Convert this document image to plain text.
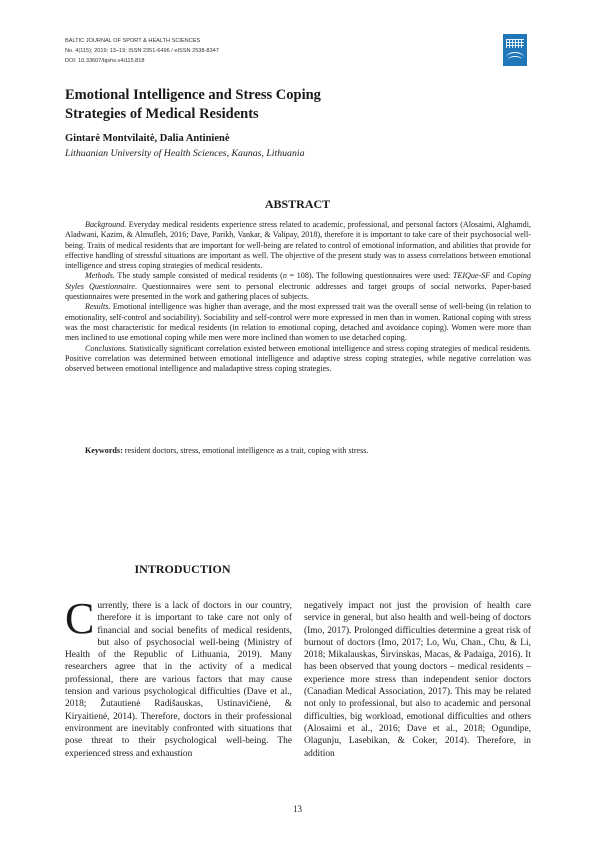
BALTIC JOURNAL OF SPORT & HEALTH SCIENCES
No. 4(115); 2019; 13–19; ISSN 2351-6496 / eISSN 2538-8347
DOI: 10.33607/bjshs.v4i115.818
Emotional Intelligence and Stress Coping Strategies of Medical Residents
Gintarė Montvilaitė, Dalia Antinienė
Lithuanian University of Health Sciences, Kaunas, Lithuania
ABSTRACT

Background. Everyday medical residents experience stress related to academic, professional, and personal factors (Alosaimi, Alghamdi, Aladwani, Kazim, & Almufleh, 2016; Dave, Parikh, Vankar, & Valipay, 2018), therefore it is important to take care of their psychosocial well-being. Traits of medical residents that are important for well-being are related to control of emotional information, and abilities that provide for effective handling of stressful situations are important as well. The objective of the present study was to assess correlations between emotional intelligence and stress coping strategies of medical residents.

Methods. The study sample consisted of medical residents (n = 108). The following questionnaires were used: TEIQue-SF and Coping Styles Questionnaire. Questionnaires were sent to personal electronic addresses and target groups of social networks. Paper-based questionnaires were presented in the work and gathering places of subjects.

Results. Emotional intelligence was higher than average, and the most expressed trait was the overall sense of well-being (in relation to emotionality, self-control and sociability). Sociability and self-control were more expressed in men than in women. Rational coping with stress was the most characteristic for medical residents (in relation to emotional coping, detached and avoidance coping). Women were more than men inclined to use emotional coping while men were more inclined than women to use detached coping.

Conclusions. Statistically significant correlation existed between emotional intelligence and stress coping strategies of medical residents. Positive correlation was determined between emotional intelligence and adaptive stress coping strategies, while negative correlation was observed between emotional intelligence and maladaptive stress coping strategies.

Keywords: resident doctors, stress, emotional intelligence as a trait, coping with stress.
INTRODUCTION

Currently, there is a lack of doctors in our country, therefore it is important to take care not only of financial and social benefits of medical residents, but also of psychosocial well-being (Ministry of Health of the Republic of Lithuania, 2019). Many researchers agree that in the activity of a medical professional, there are various factors that may cause tension and various psychological difficulties (Dave et al., 2018; Žutautienė Radišauskas, Ustinavičienė, & Kiryaitienė, 2014). Therefore, doctors in their professional environment are inevitably confronted with situations that pose threat to their psychological well-being. The experienced stress and exhaustion

negatively impact not just the provision of health care service in general, but also health and well-being of doctors (Imo, 2017). Prolonged difficulties determine a great risk of burnout of doctors (Imo, 2017; Lo, Wu, Chan., Chu, & Li, 2018; Mikalauskas, Širvinskas, Macas, & Padaiga, 2016). It has been observed that young doctors – medical residents – experience more stress than independent senior doctors (Canadian Medical Association, 2017). This may be related not only to professional, but also to academic and personal difficulties, big workload, emotional difficulties and others (Alosaimi et al., 2016; Dave et al., 2018; Ogundipe, Olagunju, Lasebikan, & Coker, 2014). Therefore, in addition

13
